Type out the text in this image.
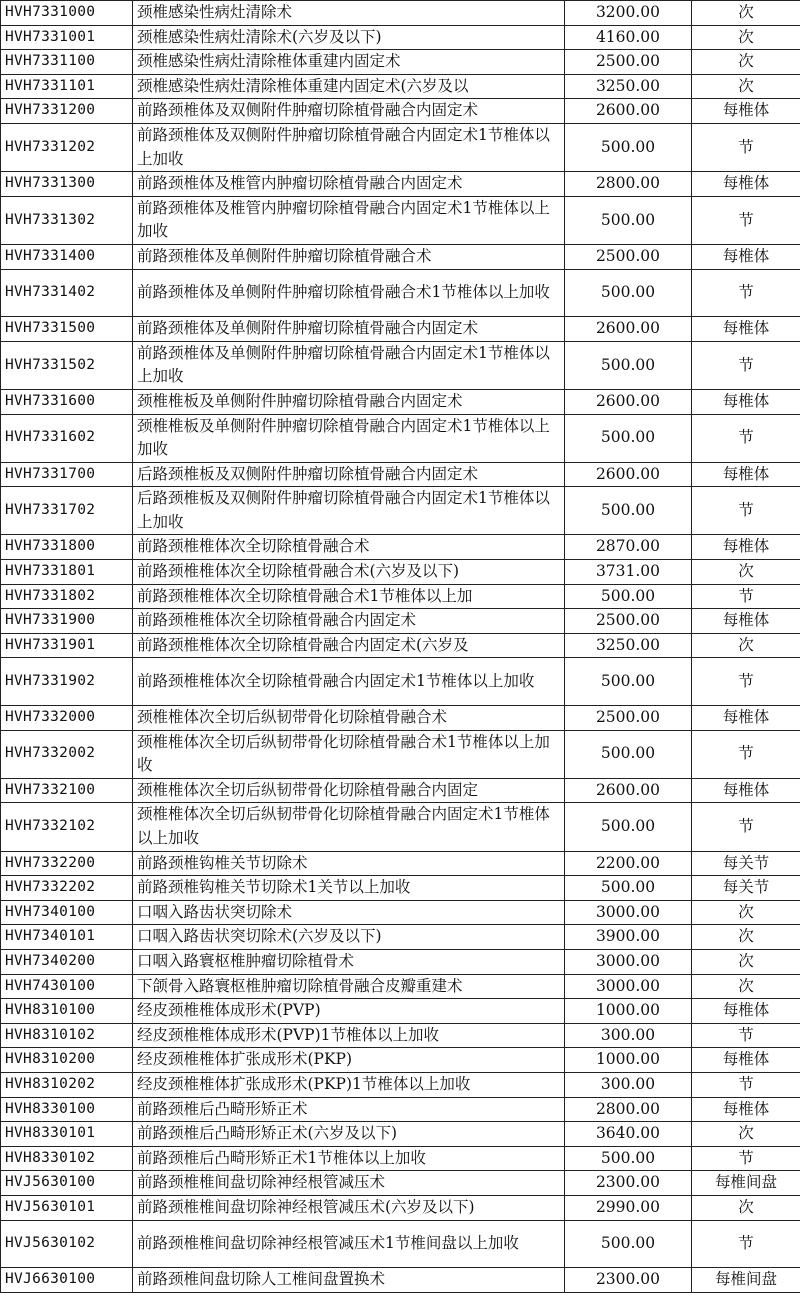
HVH7331000	颈椎感染性病灶清除术	3200.00	次
HVH7331001	颈椎感染性病灶清除术(六岁及以下)	4160.00	次
HVH7331100	颈椎感染性病灶清除椎体重建内固定术	2500.00	次
HVH7331101	颈椎感染性病灶清除椎体重建内固定术(六岁及以	3250.00	次
HVH7331200	前路颈椎体及双侧附件肿瘤切除植骨融合内固定术	2600.00	每椎体
HVH7331202	前路颈椎体及双侧附件肿瘤切除植骨融合内固定术1节椎体以上加收	500.00	节
HVH7331300	前路颈椎体及椎管内肿瘤切除植骨融合内固定术	2800.00	每椎体
HVH7331302	前路颈椎体及椎管内肿瘤切除植骨融合内固定术1节椎体以上加收	500.00	节
HVH7331400	前路颈椎体及单侧附件肿瘤切除植骨融合术	2500.00	每椎体
HVH7331402	前路颈椎体及单侧附件肿瘤切除植骨融合术1节椎体以上加收	500.00	节
HVH7331500	前路颈椎体及单侧附件肿瘤切除植骨融合内固定术	2600.00	每椎体
HVH7331502	前路颈椎体及单侧附件肿瘤切除植骨融合内固定术1节椎体以上加收	500.00	节
HVH7331600	颈椎椎板及单侧附件肿瘤切除植骨融合内固定术	2600.00	每椎体
HVH7331602	颈椎椎板及单侧附件肿瘤切除植骨融合内固定术1节椎体以上加收	500.00	节
HVH7331700	后路颈椎板及双侧附件肿瘤切除植骨融合内固定术	2600.00	每椎体
HVH7331702	后路颈椎板及双侧附件肿瘤切除植骨融合内固定术1节椎体以上加收	500.00	节
HVH7331800	前路颈椎椎体次全切除植骨融合术	2870.00	每椎体
HVH7331801	前路颈椎椎体次全切除植骨融合术(六岁及以下)	3731.00	次
HVH7331802	前路颈椎椎体次全切除植骨融合术1节椎体以上加	500.00	节
HVH7331900	前路颈椎椎体次全切除植骨融合内固定术	2500.00	每椎体
HVH7331901	前路颈椎椎体次全切除植骨融合内固定术(六岁及	3250.00	次
HVH7331902	前路颈椎椎体次全切除植骨融合内固定术1节椎体以上加收	500.00	节
HVH7332000	颈椎椎体次全切后纵韧带骨化切除植骨融合术	2500.00	每椎体
HVH7332002	颈椎椎体次全切后纵韧带骨化切除植骨融合术1节椎体以上加收	500.00	节
HVH7332100	颈椎椎体次全切后纵韧带骨化切除植骨融合内固定	2600.00	每椎体
HVH7332102	颈椎椎体次全切后纵韧带骨化切除植骨融合内固定术1节椎体以上加收	500.00	节
HVH7332200	前路颈椎钩椎关节切除术	2200.00	每关节
HVH7332202	前路颈椎钩椎关节切除术1关节以上加收	500.00	每关节
HVH7340100	口咽入路齿状突切除术	3000.00	次
HVH7340101	口咽入路齿状突切除术(六岁及以下)	3900.00	次
HVH7340200	口咽入路寰枢椎肿瘤切除植骨术	3000.00	次
HVH7430100	下颌骨入路寰枢椎肿瘤切除植骨融合皮瓣重建术	3000.00	次
HVH8310100	经皮颈椎椎体成形术(PVP)	1000.00	每椎体
HVH8310102	经皮颈椎椎体成形术(PVP)1节椎体以上加收	300.00	节
HVH8310200	经皮颈椎椎体扩张成形术(PKP)	1000.00	每椎体
HVH8310202	经皮颈椎椎体扩张成形术(PKP)1节椎体以上加收	300.00	节
HVH8330100	前路颈椎后凸畸形矫正术	2800.00	每椎体
HVH8330101	前路颈椎后凸畸形矫正术(六岁及以下)	3640.00	次
HVH8330102	前路颈椎后凸畸形矫正术1节椎体以上加收	500.00	节
HVJ5630100	前路颈椎椎间盘切除神经根管减压术	2300.00	每椎间盘
HVJ5630101	前路颈椎椎间盘切除神经根管减压术(六岁及以下)	2990.00	次
HVJ5630102	前路颈椎椎间盘切除神经根管减压术1节椎间盘以上加收	500.00	节
HVJ6630100	前路颈椎间盘切除人工椎间盘置换术	2300.00	每椎间盘
